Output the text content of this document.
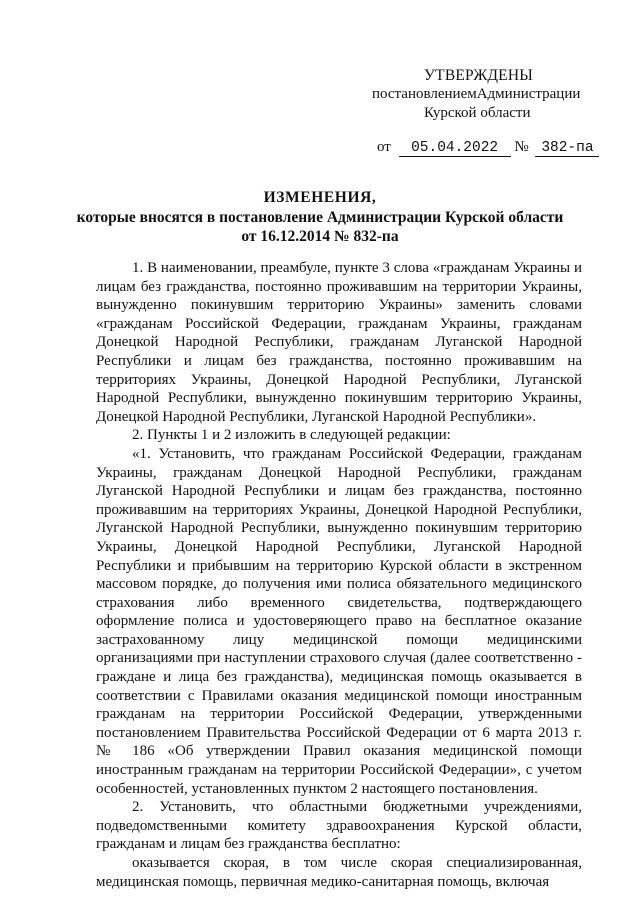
УТВЕРЖДЕНЫ
постановлениемАдминистрации
Курской области
от 05.04.2022 № 382-па
ИЗМЕНЕНИЯ,
которые вносятся в постановление Администрации Курской области
от 16.12.2014 № 832-па

1. В наименовании, преамбуле, пункте 3 слова «гражданам Украины и лицам без гражданства, постоянно проживавшим на территории Украины, вынужденно покинувшим территорию Украины» заменить словами «гражданам Российской Федерации, гражданам Украины, гражданам Донецкой Народной Республики, гражданам Луганской Народной Республики и лицам без гражданства, постоянно проживавшим на территориях Украины, Донецкой Народной Республики, Луганской Народной Республики, вынужденно покинувшим территорию Украины, Донецкой Народной Республики, Луганской Народной Республики».

2. Пункты 1 и 2 изложить в следующей редакции:

«1. Установить, что гражданам Российской Федерации, гражданам Украины, гражданам Донецкой Народной Республики, гражданам Луганской Народной Республики и лицам без гражданства, постоянно проживавшим на территориях Украины, Донецкой Народной Республики, Луганской Народной Республики, вынужденно покинувшим территорию Украины, Донецкой Народной Республики, Луганской Народной Республики и прибывшим на территорию Курской области в экстренном массовом порядке, до получения ими полиса обязательного медицинского страхования либо временного свидетельства, подтверждающего оформление полиса и удостоверяющего право на бесплатное оказание застрахованному лицу медицинской помощи медицинскими организациями при наступлении страхового случая (далее соответственно - граждане и лица без гражданства), медицинская помощь оказывается в соответствии с Правилами оказания медицинской помощи иностранным гражданам на территории Российской Федерации, утвержденными постановлением Правительства Российской Федерации от 6 марта 2013 г. № 186 «Об утверждении Правил оказания медицинской помощи иностранным гражданам на территории Российской Федерации», с учетом особенностей, установленных пунктом 2 настоящего постановления.

2. Установить, что областными бюджетными учреждениями, подведомственными комитету здравоохранения Курской области, гражданам и лицам без гражданства бесплатно:

оказывается скорая, в том числе скорая специализированная, медицинская помощь, первичная медико-санитарная помощь, включая
